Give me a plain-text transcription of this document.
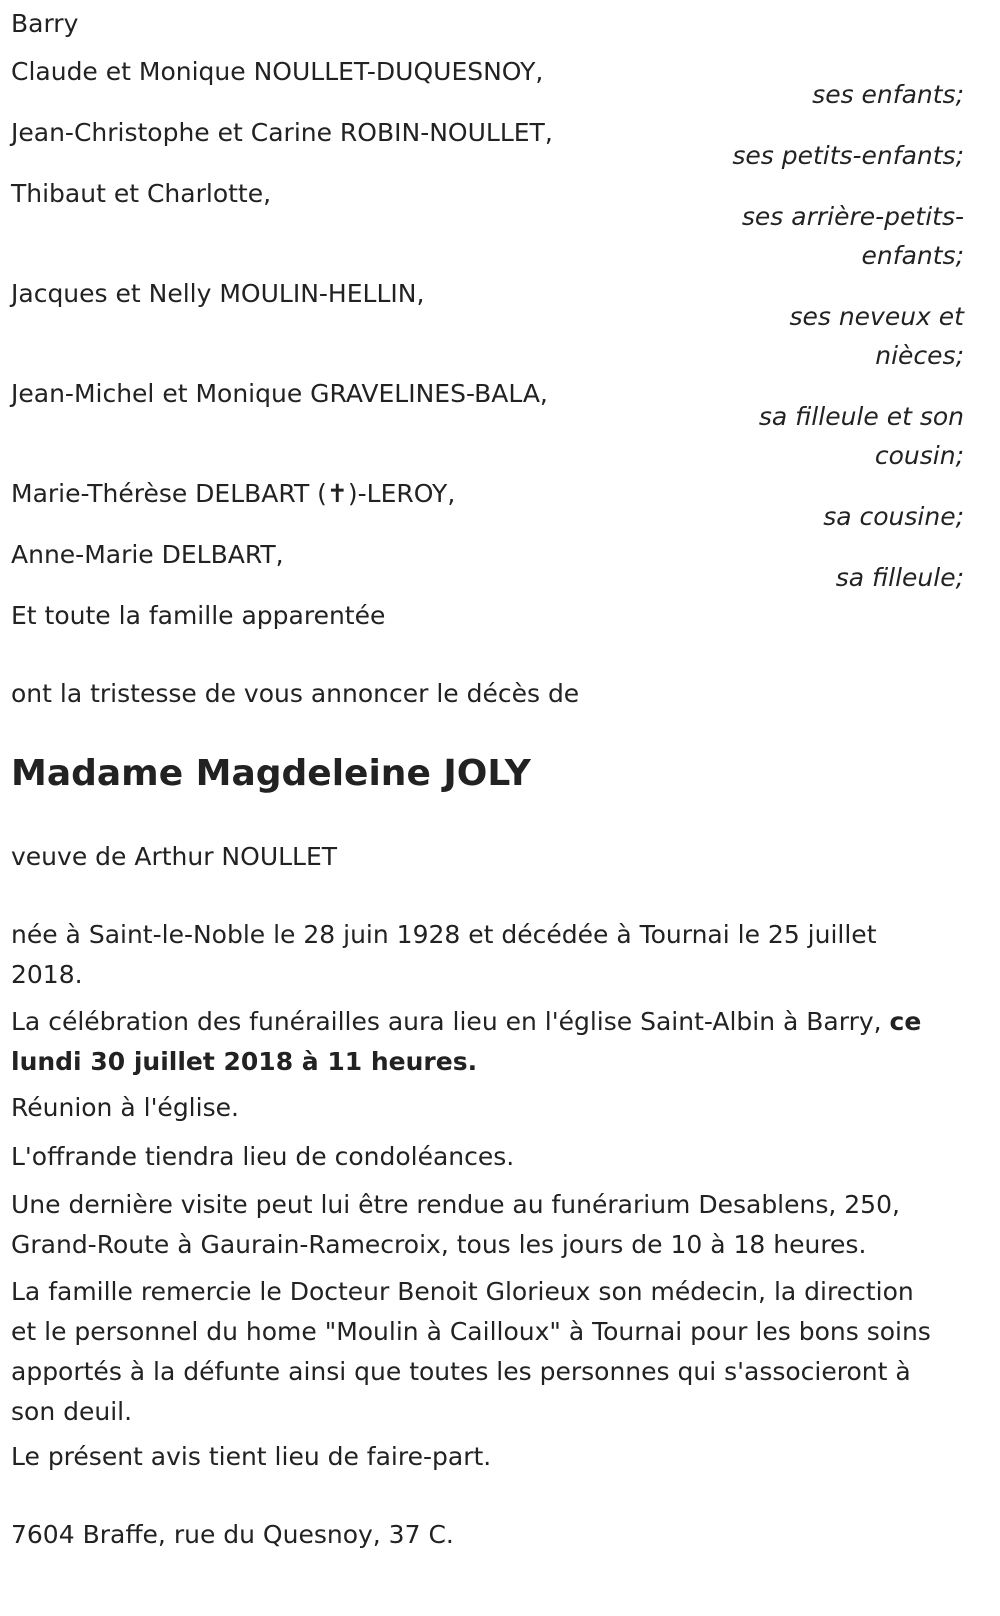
Barry
Claude et Monique NOULLET-DUQUESNOY,
Jean-Christophe et Carine ROBIN-NOULLET,
Thibaut et Charlotte,
Jacques et Nelly MOULIN-HELLIN,
Jean-Michel et Monique GRAVELINES-BALA,
Marie-Thérèse DELBART (✝)-LEROY,
Anne-Marie DELBART,
Et toute la famille apparentée
ses enfants;
ses petits-enfants;
ses arrière-petits-
enfants;
ses neveux et
nièces;
sa filleule et son
cousin;
sa cousine;
sa filleule;
ont la tristesse de vous annoncer le décès de
Madame Magdeleine JOLY
veuve de Arthur NOULLET
née à Saint-le-Noble le 28 juin 1928 et décédée à Tournai le 25 juillet
2018.
La célébration des funérailles aura lieu en l'église Saint-Albin à Barry, ce
lundi 30 juillet 2018 à 11 heures.
Réunion à l'église.
L'offrande tiendra lieu de condoléances.
Une dernière visite peut lui être rendue au funérarium Desablens, 250,
Grand-Route à Gaurain-Ramecroix, tous les jours de 10 à 18 heures.
La famille remercie le Docteur Benoit Glorieux son médecin, la direction
et le personnel du home "Moulin à Cailloux" à Tournai pour les bons soins
apportés à la défunte ainsi que toutes les personnes qui s'associeront à
son deuil.
Le présent avis tient lieu de faire-part.
7604 Braffe, rue du Quesnoy, 37 C.
